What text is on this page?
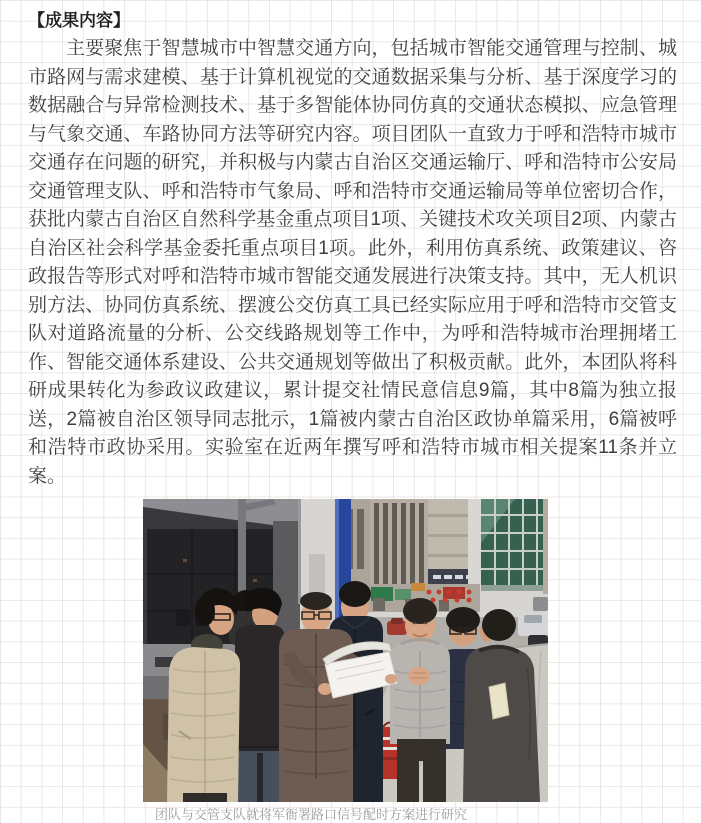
【成果内容】

主要聚焦于智慧城市中智慧交通方向，包括城市智能交通管理与控制、城市路网与需求建模、基于计算机视觉的交通数据采集与分析、基于深度学习的数据融合与异常检测技术、基于多智能体协同仿真的交通状态模拟、应急管理与气象交通、车路协同方法等研究内容。项目团队一直致力于呼和浩特市城市交通存在问题的研究，并积极与内蒙古自治区交通运输厅、呼和浩特市公安局交通管理支队、呼和浩特市气象局、呼和浩特市交通运输局等单位密切合作，获批内蒙古自治区自然科学基金重点项目1项、关键技术攻关项目2项、内蒙古自治区社会科学基金委托重点项目1项。此外，利用仿真系统、政策建议、咨政报告等形式对呼和浩特市城市智能交通发展进行决策支持。其中，无人机识别方法、协同仿真系统、摆渡公交仿真工具已经实际应用于呼和浩特市交管支队对道路流量的分析、公交线路规划等工作中，为呼和浩特城市治理拥堵工作、智能交通体系建设、公共交通规划等做出了积极贡献。此外，本团队将科研成果转化为参政议政建议，累计提交社情民意信息9篇，其中8篇为独立报送，2篇被自治区领导同志批示，1篇被内蒙古自治区政协单篇采用，6篇被呼和浩特市政协采用。实验室在近两年撰写呼和浩特市城市相关提案11条并立案。

团队与交管支队就将军衙署路口信号配时方案进行研究
